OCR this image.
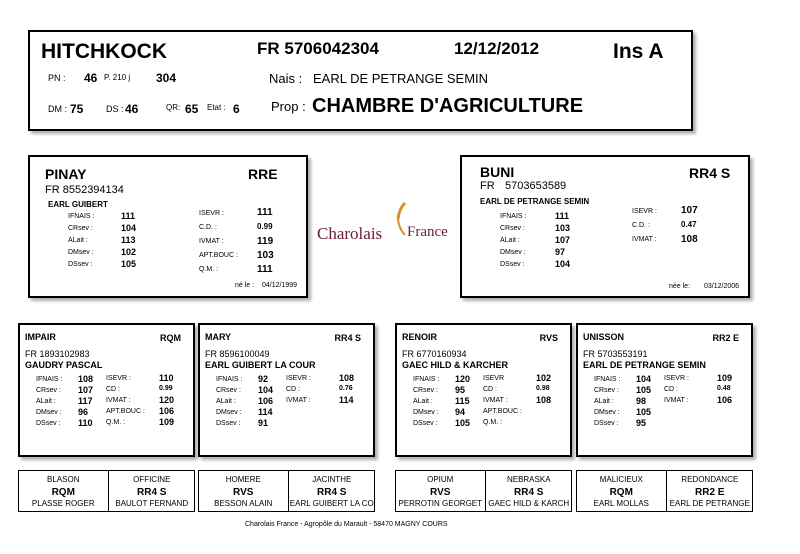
HITCHKOCK	FR 5706042304	12/12/2012	Ins A
PN : 46 P. 210 j 304	Nais : EARL DE PETRANGE SEMIN
DM : 75	DS : 46	QR: 65 Etat : 6 Prop : CHAMBRE D'AGRICULTURE
PINAY	RRE
FR 8552394134
EARL GUIBERT
IFNAIS :	111
CRsev :	104
ALait :	113
DMsev :	102
DSsev :	105
ISEVR :	111
C.D. :	0.99
IVMAT :	119
APT.BOUC : 103
Q.M. :	111
né le : 04/12/1999
Charolais France
BUNI	RR4 S
FR 5703653589
EARL DE PETRANGE SEMIN
IFNAIS :	111
CRsev :	103
ALait :	107
DMsev :	97
DSsev :	104
ISEVR : 107
C.D. :	0.47
IVMAT : 108
née le: 03/12/2006
IMPAIR	RQM
FR 1893102983
GAUDRY PASCAL
IFNAIS : 108
CRsev : 107
ALait : 117
DMsev : 96
DSsev : 110
ISEVR :	110
CD :	0.99
IVMAT :	120
APT.BOUC : 106
Q.M. :	109
MARY	RR4 S
FR 8596100049
EARL GUIBERT LA COUR
IFNAIS : 92
CRsev : 104
ALait : 106
DMsev : 114
DSsev : 91
ISEVR :	108
CD :	0.76
IVMAT :	114
RENOIR	RVS
FR 6770160934
GAEC HILD & KARCHER
IFNAIS : 120
CRsev : 95
ALait : 115
DMsev : 94
DSsev : 105
ISEVR	102
CD :	0.98
IVMAT :	108
APT.BOUC :
Q.M. :
UNISSON	RR2 E
FR 5703553191
EARL DE PETRANGE SEMIN
IFNAIS : 104
CRsev : 105
ALait : 98
DMsev : 105
DSsev : 95
ISEVR :	109
CD :	0.48
IVMAT :	106
BLASON
RQM
PLASSE ROGER
OFFICINE
RR4 S
BAULOT FERNAND
HOMERE
RVS
BESSON ALAIN
JACINTHE
RR4 S
EARL GUIBERT LA CO
OPIUM
RVS
PERROTIN GEORGET
NEBRASKA
RR4 S
GAEC HILD & KARCH
MALICIEUX
RQM
EARL MOLLAS
REDONDANCE
RR2 E
EARL DE PETRANGE
Charolais France - Agropôle du Marault - 58470 MAGNY COURS
